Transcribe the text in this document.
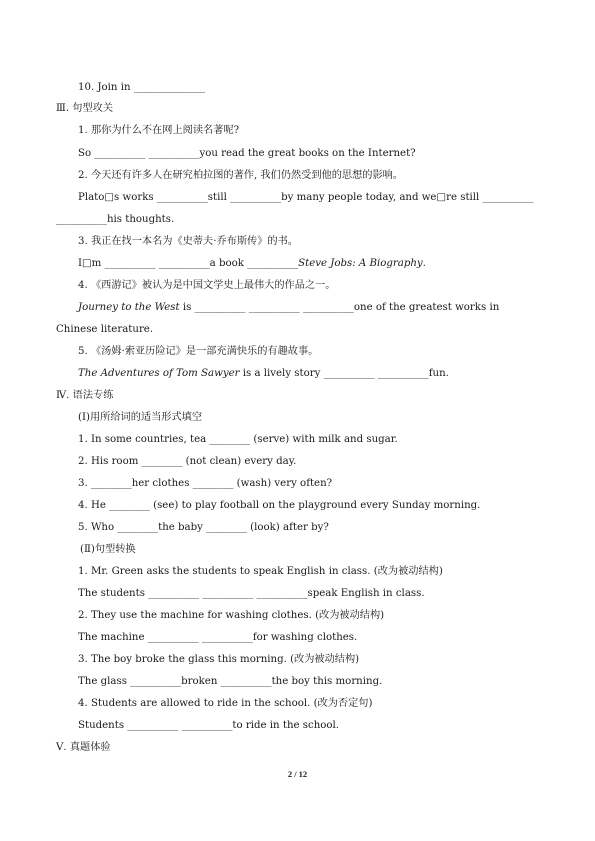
10. Join in ______________
Ⅲ. 句型攻关
1. 那你为什么不在网上阅读名著呢?
So __________ __________you read the great books on the Internet?
2. 今天还有许多人在研究柏拉图的著作, 我们仍然受到他的思想的影响。
Plato□s works __________still __________by many people today, and we□re still __________
__________his thoughts.
3. 我正在找一本名为《史蒂夫·乔布斯传》的书。
I□m __________ __________a book __________Steve Jobs: A Biography.
4. 《西游记》被认为是中国文学史上最伟大的作品之一。
Journey to the West is __________ __________ __________one of the greatest works in
Chinese literature.
5. 《汤姆·索亚历险记》是一部充满快乐的有趣故事。
The Adventures of Tom Sawyer is a lively story __________ __________fun.
Ⅳ. 语法专练
(Ⅰ)用所给词的适当形式填空
1. In some countries, tea ________ (serve) with milk and sugar.
2. His room ________ (not clean) every day.
3. ________her clothes ________ (wash) very often?
4. He ________ (see) to play football on the playground every Sunday morning.
5. Who ________the baby ________ (look) after by?
(Ⅱ)句型转换
1. Mr. Green asks the students to speak English in class. (改为被动结构)
The students __________ __________ __________speak English in class.
2. They use the machine for washing clothes. (改为被动结构)
The machine __________ __________for washing clothes.
3. The boy broke the glass this morning. (改为被动结构)
The glass __________broken __________the boy this morning.
4. Students are allowed to ride in the school. (改为否定句)
Students __________ __________to ride in the school.
Ⅴ. 真题体验
2 / 12
